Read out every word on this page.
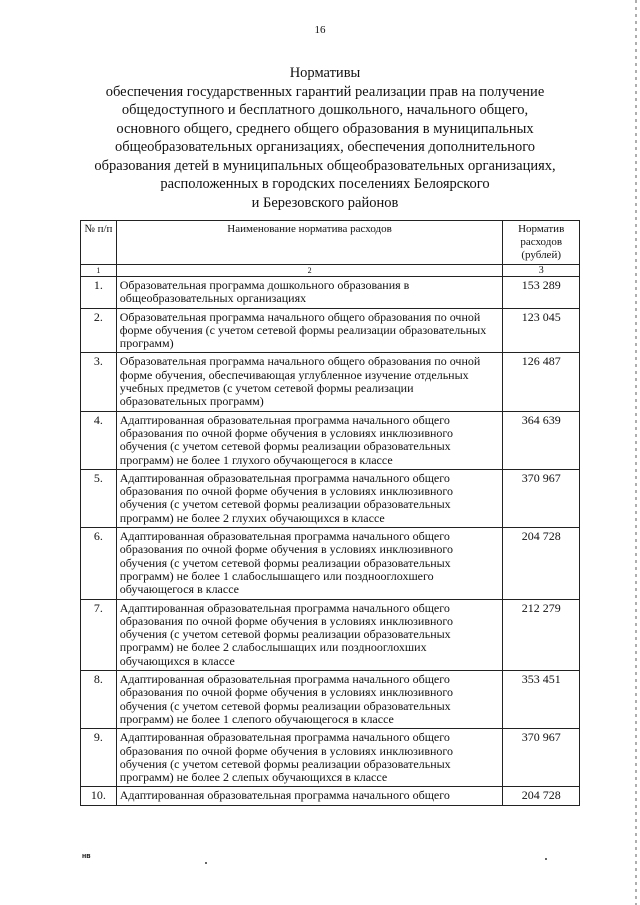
16
Нормативы
обеспечения государственных гарантий реализации прав на получение
общедоступного и бесплатного дошкольного, начального общего,
основного общего, среднего общего образования в муниципальных
общеобразовательных организациях, обеспечения дополнительного
образования детей в муниципальных общеобразовательных организациях,
расположенных в городских поселениях Белоярского
и Березовского районов
№ п/п	Наименование норматива расходов	Норматив расходов (рублей)
1	2	3
1.	Образовательная программа дошкольного образования в общеобразовательных организациях	153 289
2.	Образовательная программа начального общего образования по очной форме обучения (с учетом сетевой формы реализации образовательных программ)	123 045
3.	Образовательная программа начального общего образования по очной форме обучения, обеспечивающая углубленное изучение отдельных учебных предметов (с учетом сетевой формы реализации образовательных программ)	126 487
4.	Адаптированная образовательная программа начального общего образования по очной форме обучения в условиях инклюзивного обучения (с учетом сетевой формы реализации образовательных программ) не более 1 глухого обучающегося в классе	364 639
5.	Адаптированная образовательная программа начального общего образования по очной форме обучения в условиях инклюзивного обучения (с учетом сетевой формы реализации образовательных программ) не более 2 глухих обучающихся в классе	370 967
6.	Адаптированная образовательная программа начального общего образования по очной форме обучения в условиях инклюзивного обучения (с учетом сетевой формы реализации образовательных программ) не более 1 слабослышащего или позднооглохшего обучающегося в классе	204 728
7.	Адаптированная образовательная программа начального общего образования по очной форме обучения в условиях инклюзивного обучения (с учетом сетевой формы реализации образовательных программ) не более 2 слабослышащих или позднооглохших обучающихся в классе	212 279
8.	Адаптированная образовательная программа начального общего образования по очной форме обучения в условиях инклюзивного обучения (с учетом сетевой формы реализации образовательных программ) не более 1 слепого обучающегося в классе	353 451
9.	Адаптированная образовательная программа начального общего образования по очной форме обучения в условиях инклюзивного обучения (с учетом сетевой формы реализации образовательных программ) не более 2 слепых обучающихся в классе	370 967
10.	Адаптированная образовательная программа начального общего	204 728
нв
